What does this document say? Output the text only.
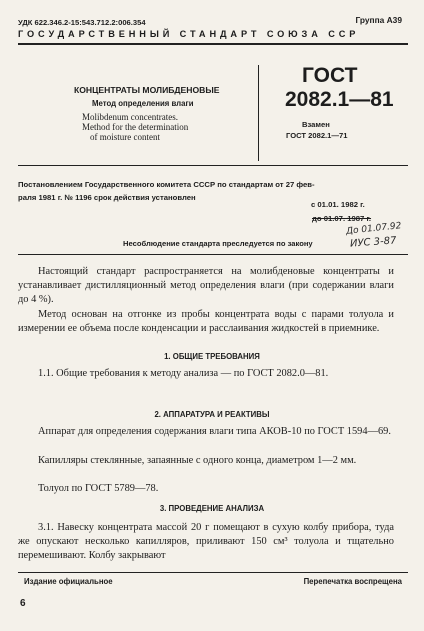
УДК 622.346.2-15:543.712.2:006.354	Группа А39
ГОСУДАРСТВЕННЫЙ СТАНДАРТ СОЮЗА ССР
КОНЦЕНТРАТЫ МОЛИБДЕНОВЫЕ
Метод определения влаги
Molibdenum concentrates.
Method for the determination
of moisture content
ГОСТ
2082.1—81
Взамен
ГОСТ 2082.1—71
Постановлением Государственного комитета СССР по стандартам от 27 фев-
раля 1981 г. № 1196 срок действия установлен
с 01.01. 1982 г.
до 01.07. 1987 г.
До 01.07.92
ИУС 3-87
Несоблюдение стандарта преследуется по закону
Настоящий стандарт распространяется на молибденовые концентраты и устанавливает дистилляционный метод определения влаги (при содержании влаги до 4 %).
Метод основан на отгонке из пробы концентрата воды с парами толуола и измерении ее объема после конденсации и расслаивания жидкостей в приемнике.
1. ОБЩИЕ ТРЕБОВАНИЯ
1.1. Общие требования к методу анализа — по ГОСТ 2082.0—81.
2. АППАРАТУРА И РЕАКТИВЫ
Аппарат для определения содержания влаги типа АКОВ-10 по ГОСТ 1594—69.
Капилляры стеклянные, запаянные с одного конца, диаметром 1—2 мм.
Толуол по ГОСТ 5789—78.
3. ПРОВЕДЕНИЕ АНАЛИЗА
3.1. Навеску концентрата массой 20 г помещают в сухую колбу прибора, туда же опускают несколько капилляров, приливают 150 см³ толуола и тщательно перемешивают. Колбу закрывают
Издание официальное	Перепечатка воспрещена
6
